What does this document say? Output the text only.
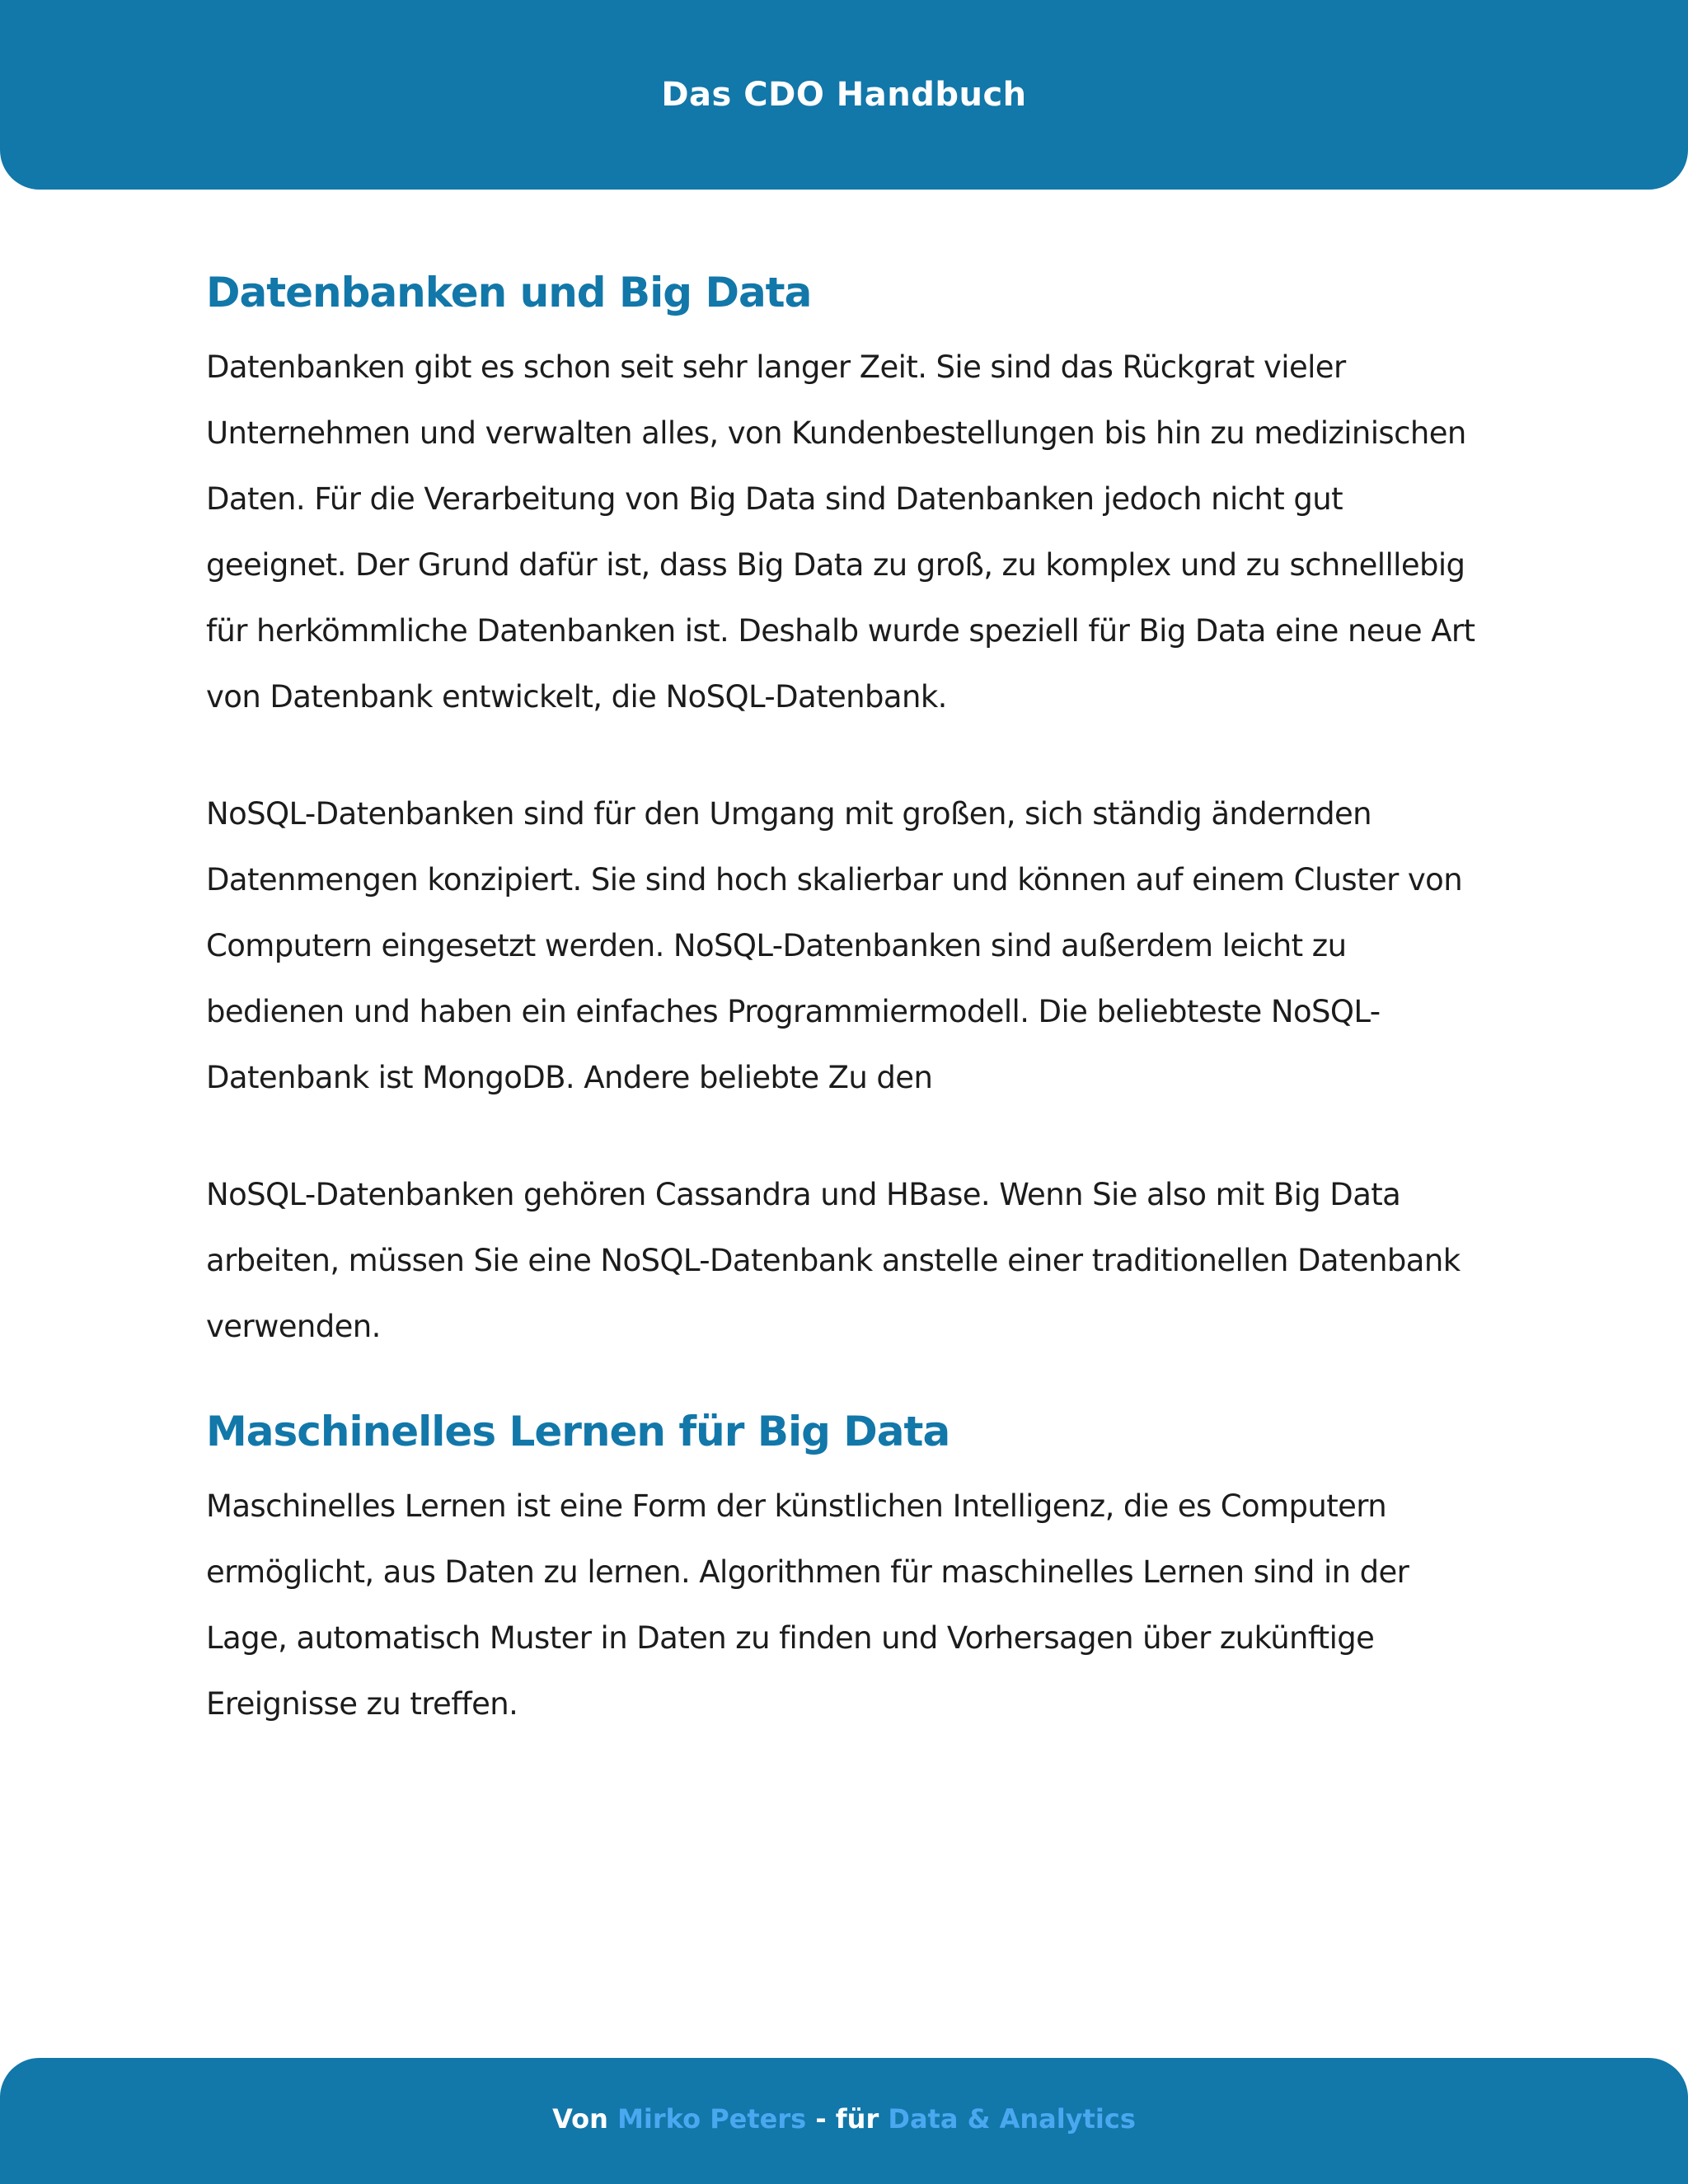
Das CDO Handbuch
Datenbanken und Big Data

Datenbanken gibt es schon seit sehr langer Zeit. Sie sind das Rückgrat vieler Unternehmen und verwalten alles, von Kundenbestellungen bis hin zu medizinischen Daten. Für die Verarbeitung von Big Data sind Datenbanken jedoch nicht gut geeignet. Der Grund dafür ist, dass Big Data zu groß, zu komplex und zu schnelllebig für herkömmliche Datenbanken ist. Deshalb wurde speziell für Big Data eine neue Art von Datenbank entwickelt, die NoSQL-Datenbank.

NoSQL-Datenbanken sind für den Umgang mit großen, sich ständig ändernden Datenmengen konzipiert. Sie sind hoch skalierbar und können auf einem Cluster von Computern eingesetzt werden. NoSQL-Datenbanken sind außerdem leicht zu bedienen und haben ein einfaches Programmiermodell. Die beliebteste NoSQL-Datenbank ist MongoDB. Andere beliebte Zu den

NoSQL-Datenbanken gehören Cassandra und HBase. Wenn Sie also mit Big Data arbeiten, müssen Sie eine NoSQL-Datenbank anstelle einer traditionellen Datenbank verwenden.

Maschinelles Lernen für Big Data

Maschinelles Lernen ist eine Form der künstlichen Intelligenz, die es Computern ermöglicht, aus Daten zu lernen. Algorithmen für maschinelles Lernen sind in der Lage, automatisch Muster in Daten zu finden und Vorhersagen über zukünftige Ereignisse zu treffen.

Von Mirko Peters - für Data & Analytics
